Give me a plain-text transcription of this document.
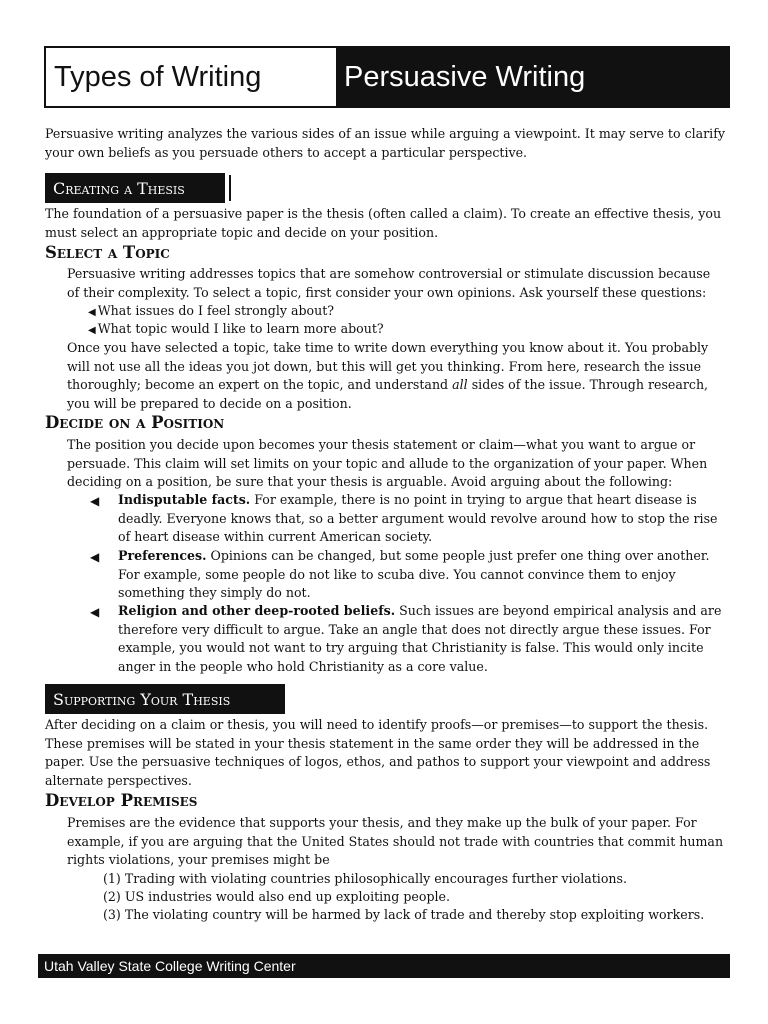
Types of Writing	Persuasive Writing

Persuasive writing analyzes the various sides of an issue while arguing a viewpoint. It may serve to clarify your own beliefs as you persuade others to accept a particular perspective.

Creating a Thesis

The foundation of a persuasive paper is the thesis (often called a claim). To create an effective thesis, you must select an appropriate topic and decide on your position.

Select a Topic

Persuasive writing addresses topics that are somehow controversial or stimulate discussion because of their complexity. To select a topic, first consider your own opinions. Ask yourself these questions:

◀ What issues do I feel strongly about?
◀ What topic would I like to learn more about?

Once you have selected a topic, take time to write down everything you know about it. You probably will not use all the ideas you jot down, but this will get you thinking. From here, research the issue thoroughly; become an expert on the topic, and understand all sides of the issue. Through research, you will be prepared to decide on a position.

Decide on a Position

The position you decide upon becomes your thesis statement or claim—what you want to argue or persuade. This claim will set limits on your topic and allude to the organization of your paper. When deciding on a position, be sure that your thesis is arguable. Avoid arguing about the following:

◀ Indisputable facts. For example, there is no point in trying to argue that heart disease is deadly. Everyone knows that, so a better argument would revolve around how to stop the rise of heart disease within current American society.

◀ Preferences. Opinions can be changed, but some people just prefer one thing over another. For example, some people do not like to scuba dive. You cannot convince them to enjoy something they simply do not.

◀ Religion and other deep-rooted beliefs. Such issues are beyond empirical analysis and are therefore very difficult to argue. Take an angle that does not directly argue these issues. For example, you would not want to try arguing that Christianity is false. This would only incite anger in the people who hold Christianity as a core value.

Supporting Your Thesis

After deciding on a claim or thesis, you will need to identify proofs—or premises—to support the thesis. These premises will be stated in your thesis statement in the same order they will be addressed in the paper. Use the persuasive techniques of logos, ethos, and pathos to support your viewpoint and address alternate perspectives.

Develop Premises

Premises are the evidence that supports your thesis, and they make up the bulk of your paper. For example, if you are arguing that the United States should not trade with countries that commit human rights violations, your premises might be

(1) Trading with violating countries philosophically encourages further violations.
(2) US industries would also end up exploiting people.
(3) The violating country will be harmed by lack of trade and thereby stop exploiting workers.
Utah Valley State College Writing Center
